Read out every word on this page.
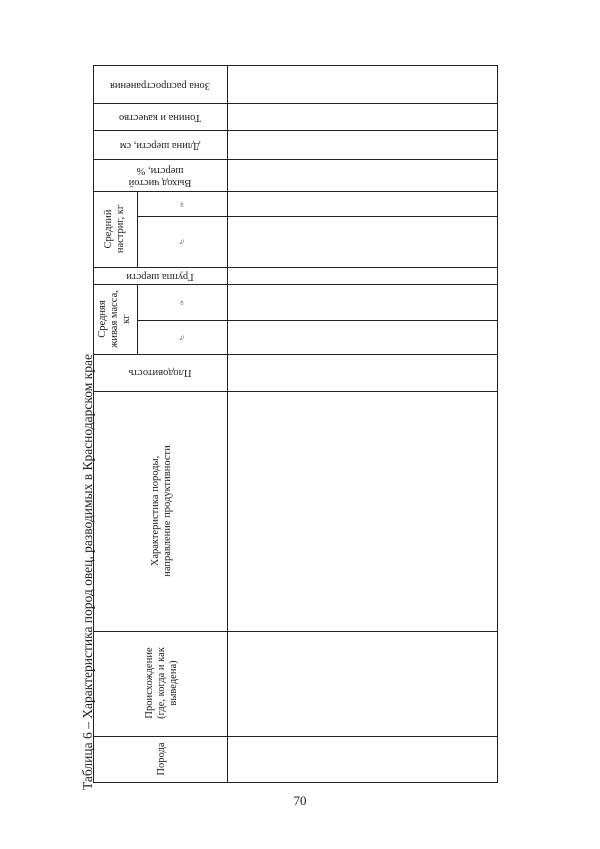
Таблица 6 – Характеристика пород овец, разводимых в Краснодарском крае
Зона распространения
Тонина и качество
Длина шерсти, см
Выход чистой шерсти, %
Средний настриг, кг
♀
♂
Группа шерсти
Средняя живая масса, кг
♀
♂
Плодовитость
Характеристика породы, направление продуктивности
Происхождение (где, когда и как выведена)
Порода
70
